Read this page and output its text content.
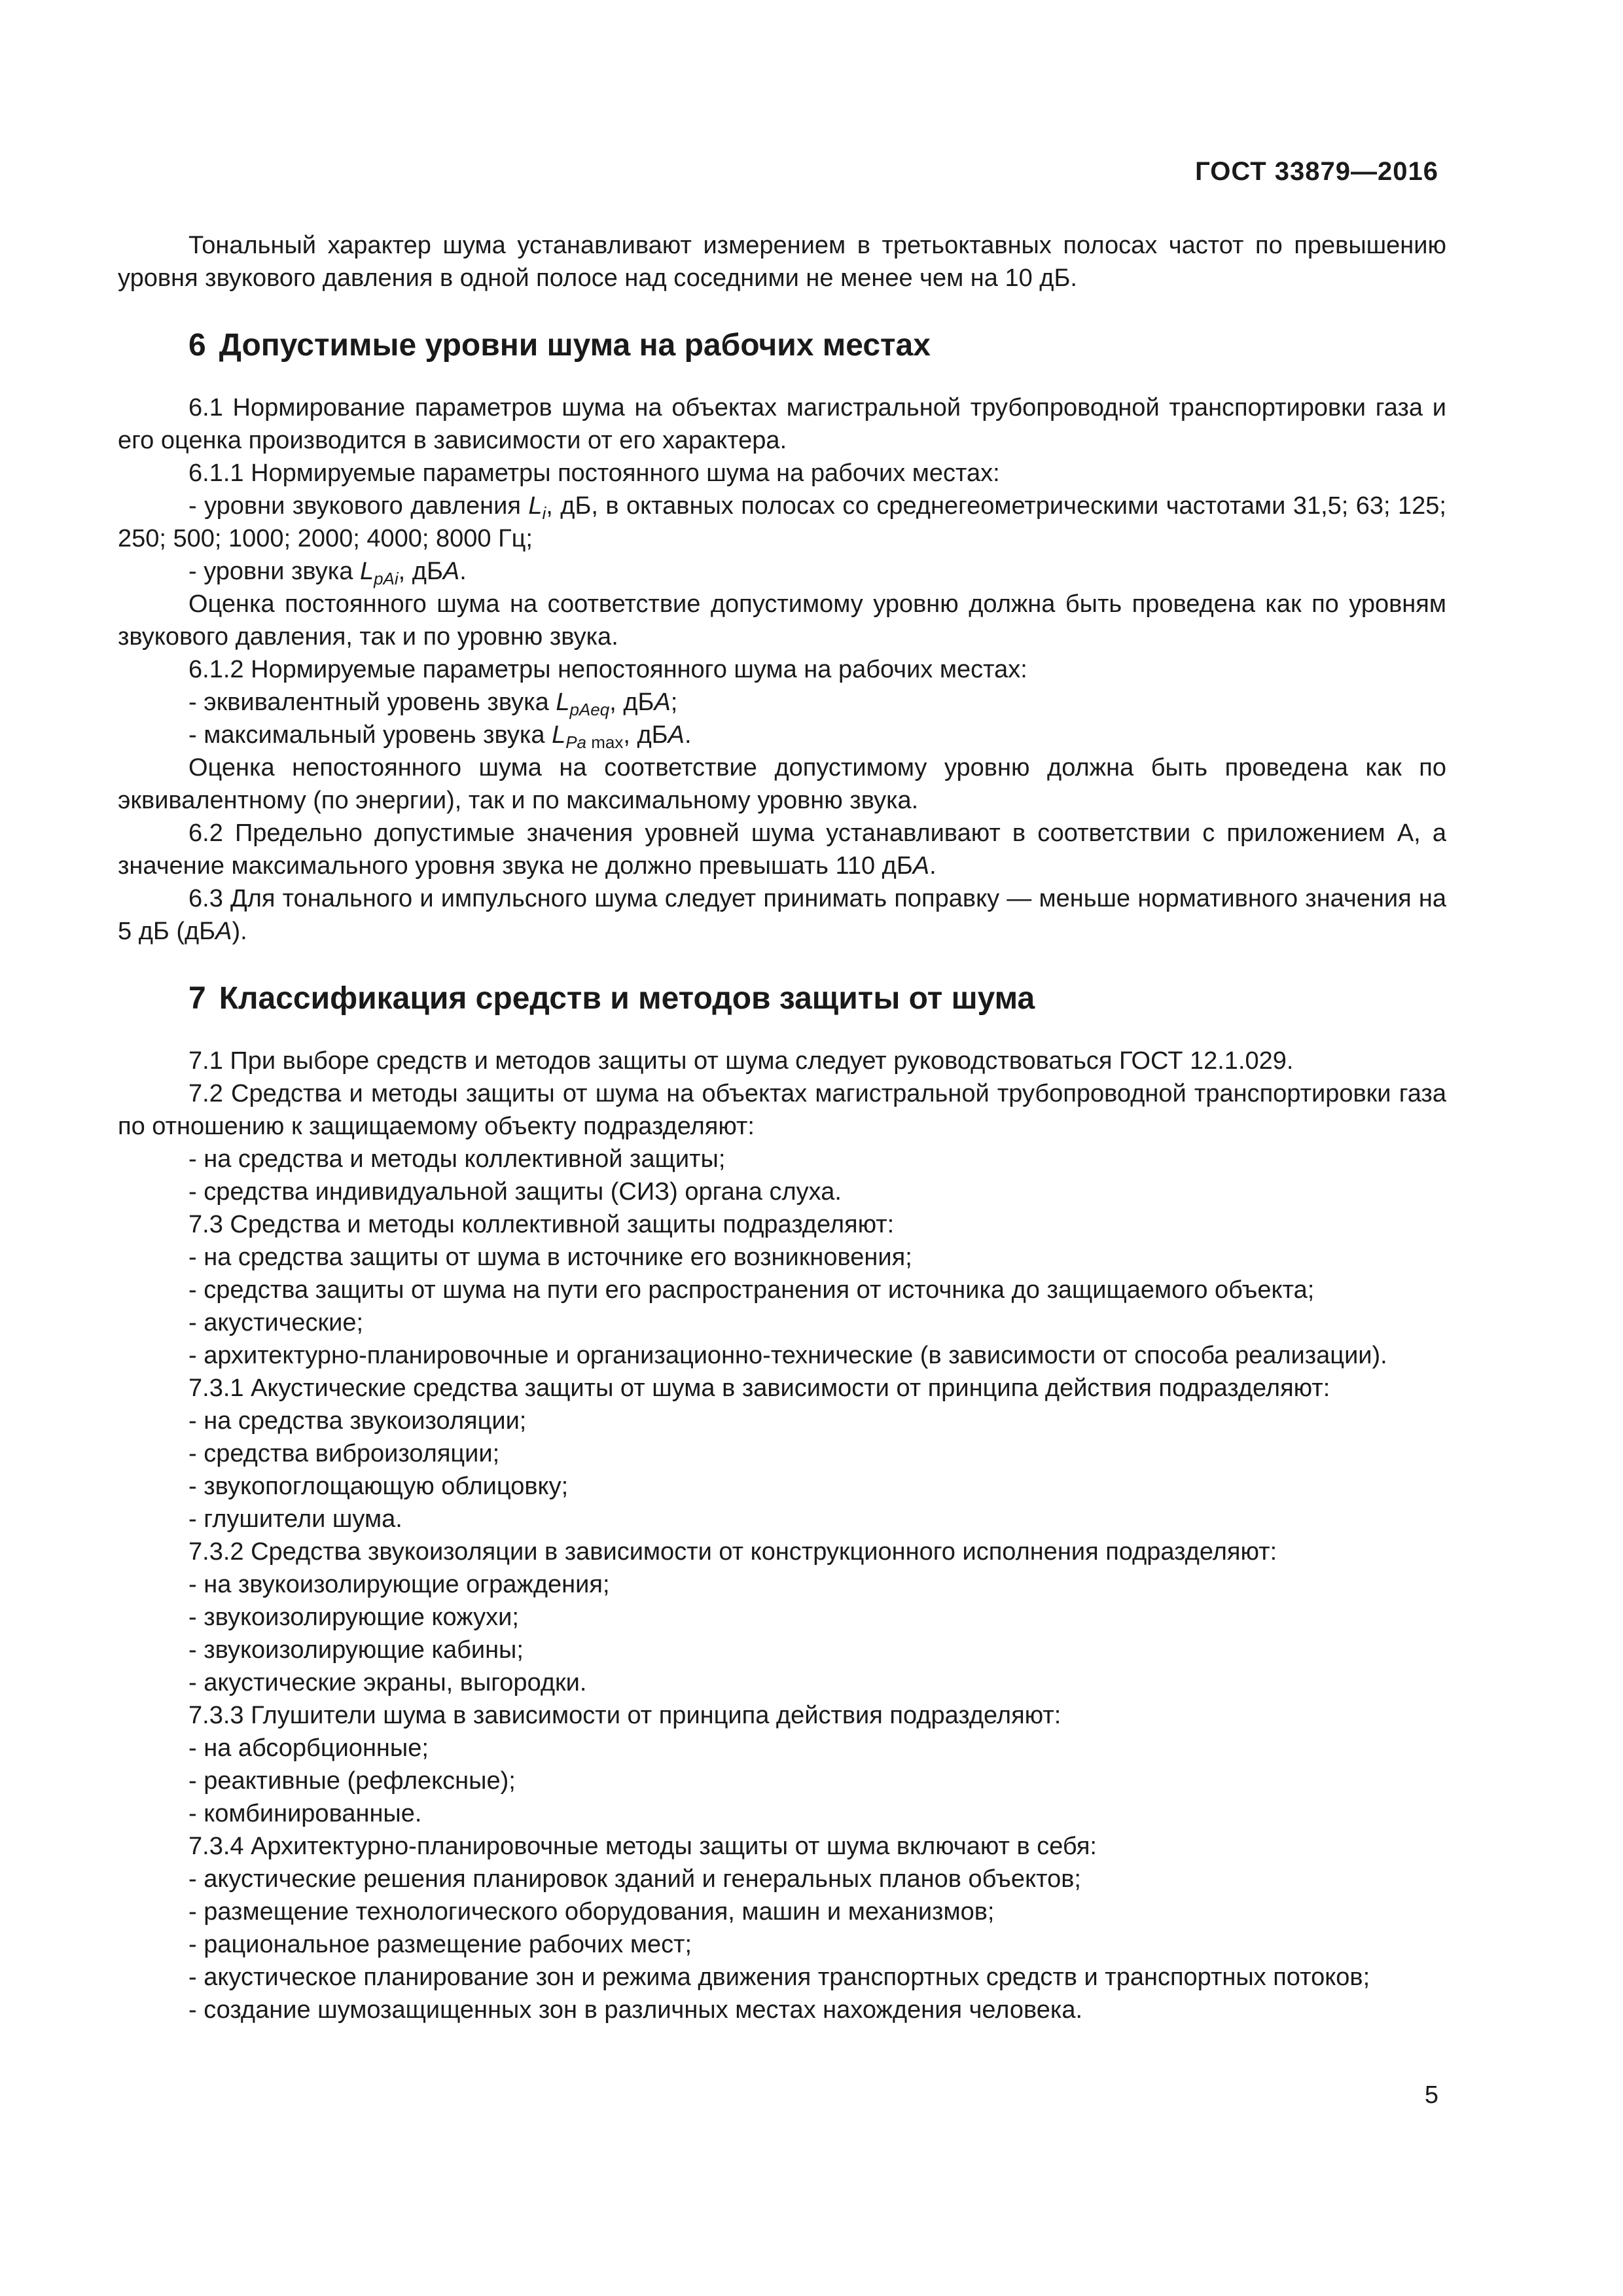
ГОСТ 33879—2016

Тональный характер шума устанавливают измерением в третьоктавных полосах частот по превышению уровня звукового давления в одной полосе над соседними не менее чем на 10 дБ.

6 Допустимые уровни шума на рабочих местах

6.1 Нормирование параметров шума на объектах магистральной трубопроводной транспортировки газа и его оценка производится в зависимости от его характера.

6.1.1 Нормируемые параметры постоянного шума на рабочих местах:

- уровни звукового давления $L_i$, дБ, в октавных полосах со среднегеометрическими частотами 31,5; 63; 125; 250; 500; 1000; 2000; 4000; 8000 Гц;

- уровни звука $L_{pAi}$, дБА.

Оценка постоянного шума на соответствие допустимому уровню должна быть проведена как по уровням звукового давления, так и по уровню звука.

6.1.2 Нормируемые параметры непостоянного шума на рабочих местах:

- эквивалентный уровень звука $L_{pAeq}$, дБА;

- максимальный уровень звука $L_{Pa max}$, дБА.

Оценка непостоянного шума на соответствие допустимому уровню должна быть проведена как по эквивалентному (по энергии), так и по максимальному уровню звука.

6.2 Предельно допустимые значения уровней шума устанавливают в соответствии с приложением А, а значение максимального уровня звука не должно превышать 110 дБА.

6.3 Для тонального и импульсного шума следует принимать поправку — меньше нормативного значения на 5 дБ (дБА).

7 Классификация средств и методов защиты от шума

7.1 При выборе средств и методов защиты от шума следует руководствоваться ГОСТ 12.1.029.

7.2 Средства и методы защиты от шума на объектах магистральной трубопроводной транспортировки газа по отношению к защищаемому объекту подразделяют:

- на средства и методы коллективной защиты;

- средства индивидуальной защиты (СИЗ) органа слуха.

7.3 Средства и методы коллективной защиты подразделяют:

- на средства защиты от шума в источнике его возникновения;

- средства защиты от шума на пути его распространения от источника до защищаемого объекта;

- акустические;

- архитектурно-планировочные и организационно-технические (в зависимости от способа реализации).

7.3.1 Акустические средства защиты от шума в зависимости от принципа действия подразделяют:

- на средства звукоизоляции;

- средства виброизоляции;

- звукопоглощающую облицовку;

- глушители шума.

7.3.2 Средства звукоизоляции в зависимости от конструкционного исполнения подразделяют:

- на звукоизолирующие ограждения;

- звукоизолирующие кожухи;

- звукоизолирующие кабины;

- акустические экраны, выгородки.

7.3.3 Глушители шума в зависимости от принципа действия подразделяют:

- на абсорбционные;

- реактивные (рефлексные);

- комбинированные.

7.3.4 Архитектурно-планировочные методы защиты от шума включают в себя:

- акустические решения планировок зданий и генеральных планов объектов;

- размещение технологического оборудования, машин и механизмов;

- рациональное размещение рабочих мест;

- акустическое планирование зон и режима движения транспортных средств и транспортных потоков;

- создание шумозащищенных зон в различных местах нахождения человека.

5
